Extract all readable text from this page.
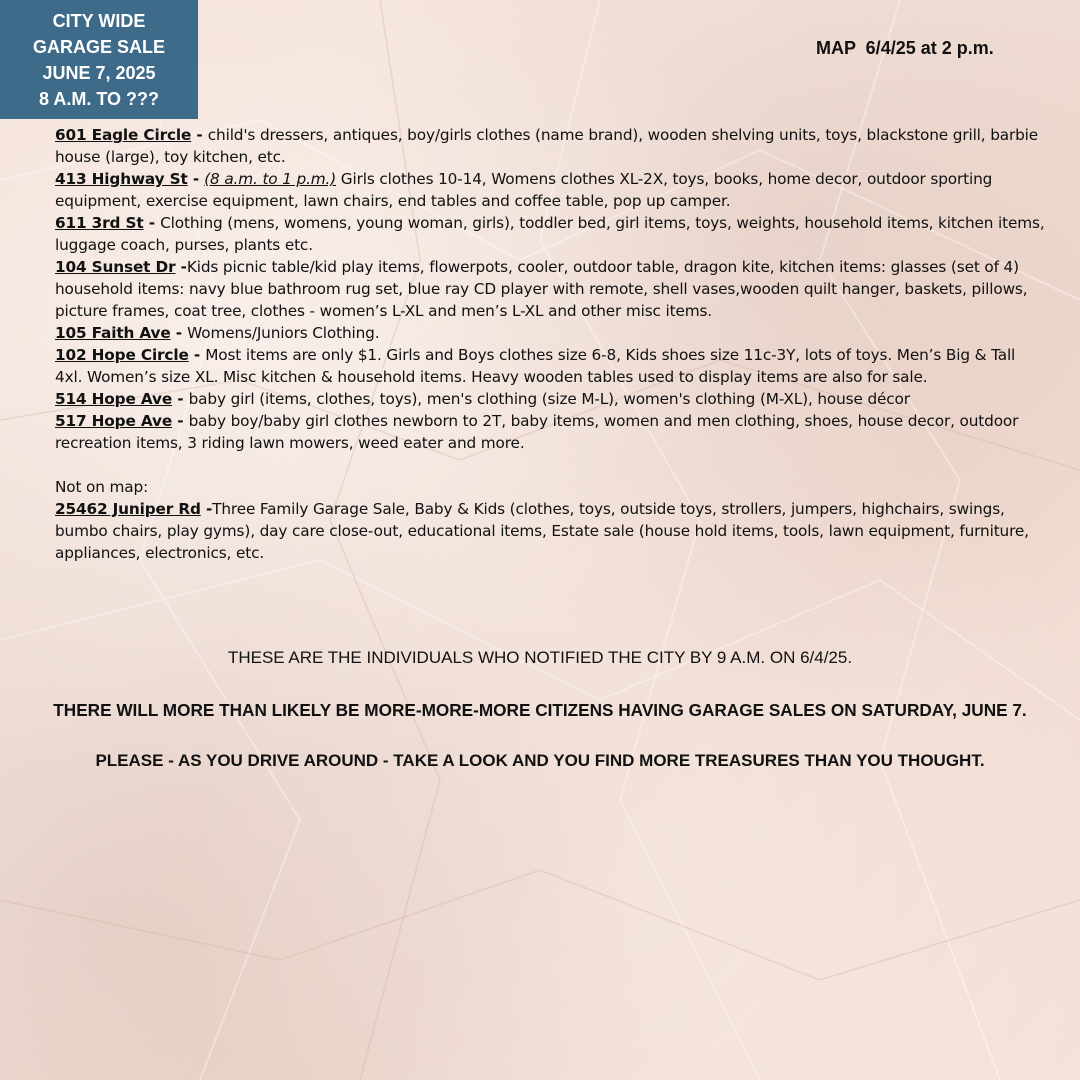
CITY WIDE
GARAGE SALE
JUNE 7, 2025
8 A.M. TO ???
MAP  6/4/25 at 2 p.m.

601 Eagle Circle - child's dressers, antiques, boy/girls clothes (name brand), wooden shelving units, toys, blackstone grill, barbie house (large), toy kitchen, etc.

413 Highway St - (8 a.m. to 1 p.m.) Girls clothes 10-14, Womens clothes XL-2X, toys, books, home decor, outdoor sporting equipment, exercise equipment, lawn chairs, end tables and coffee table, pop up camper.

611 3rd St - Clothing (mens, womens, young woman, girls), toddler bed, girl items, toys, weights, household items, kitchen items, luggage coach, purses, plants etc.

104 Sunset Dr -Kids picnic table/kid play items, flowerpots, cooler, outdoor table, dragon kite, kitchen items: glasses (set of 4) household items: navy blue bathroom rug set, blue ray CD player with remote, shell vases,wooden quilt hanger, baskets, pillows, picture frames, coat tree, clothes - women’s L-XL and men’s L-XL and other misc items.

105 Faith Ave - Womens/Juniors Clothing.

102 Hope Circle - Most items are only $1. Girls and Boys clothes size 6-8, Kids shoes size 11c-3Y, lots of toys. Men’s Big & Tall 4xl. Women’s size XL. Misc kitchen & household items. Heavy wooden tables used to display items are also for sale.

514 Hope Ave - baby girl (items, clothes, toys), men's clothing (size M-L), women's clothing (M-XL), house décor

517 Hope Ave - baby boy/baby girl clothes newborn to 2T, baby items, women and men clothing, shoes, house decor, outdoor recreation items, 3 riding lawn mowers, weed eater and more.

Not on map:

25462 Juniper Rd -Three Family Garage Sale, Baby & Kids (clothes, toys, outside toys, strollers, jumpers, highchairs, swings, bumbo chairs, play gyms), day care close-out, educational items, Estate sale (house hold items, tools, lawn equipment, furniture, appliances, electronics, etc.

THESE ARE THE INDIVIDUALS WHO NOTIFIED THE CITY BY 9 A.M. ON 6/4/25.
THERE WILL MORE THAN LIKELY BE MORE-MORE-MORE CITIZENS HAVING GARAGE SALES ON SATURDAY, JUNE 7.
PLEASE - AS YOU DRIVE AROUND - TAKE A LOOK AND YOU FIND MORE TREASURES THAN YOU THOUGHT.
